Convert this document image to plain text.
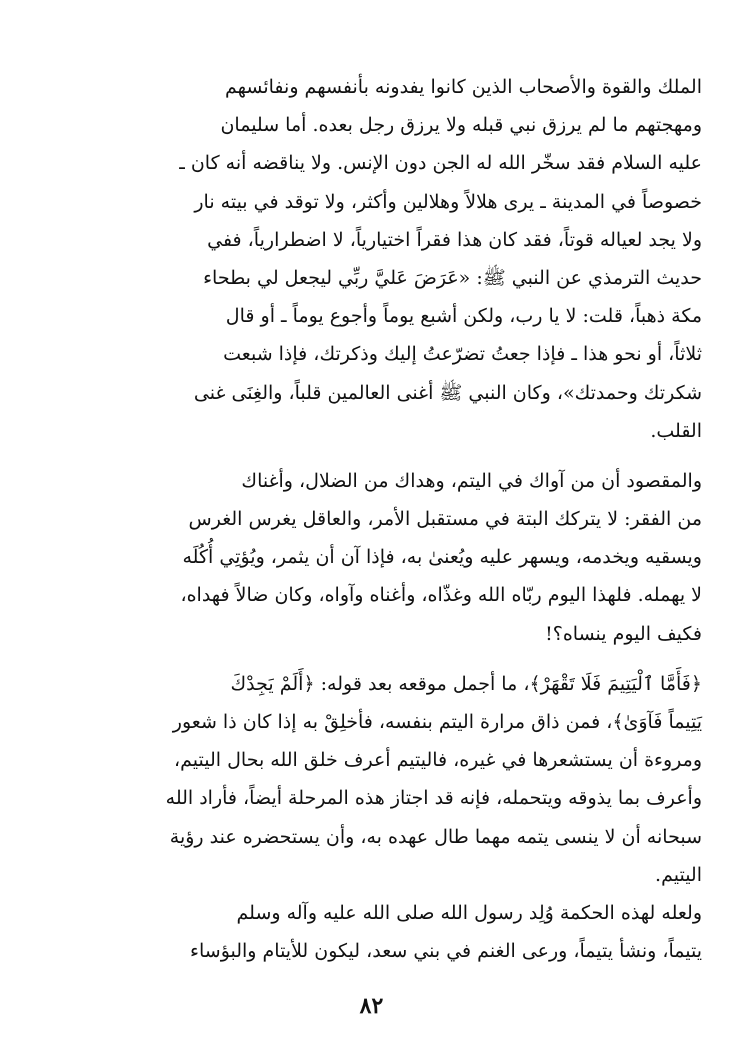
الملك والقوة والأصحاب الذين كانوا يفدونه بأنفسهم ونفائسهم
ومهجتهم ما لم يرزق نبي قبله ولا يرزق رجل بعده. أما سليمان
عليه السلام فقد سخّر الله له الجن دون الإنس. ولا يناقضه أنه كان ـ
خصوصاً في المدينة ـ يرى هلالاً وهلالين وأكثر، ولا توقد في بيته نار
ولا يجد لعياله قوتاً، فقد كان هذا فقراً اختيارياً، لا اضطرارياً، ففي
حديث الترمذي عن النبي ﷺ: «عَرَضَ عَليَّ ربِّي ليجعل لي بطحاء
مكة ذهباً، قلت: لا يا رب، ولكن أشبع يوماً وأجوع يوماً ـ أو قال
ثلاثاً، أو نحو هذا ـ فإذا جعتُ تضرّعتُ إليك وذكرتك، فإذا شبعت
شكرتك وحمدتك»، وكان النبي ﷺ أغنى العالمين قلباً، والغِنَى غنى
القلب.
والمقصود أن من آواك في اليتم، وهداك من الضلال، وأغناك
من الفقر: لا يتركك البتة في مستقبل الأمر، والعاقل يغرس الغرس
ويسقيه ويخدمه، ويسهر عليه ويُعنىٰ به، فإذا آن أن يثمر، ويُؤتِي أُكُلَه
لا يهمله. فلهذا اليوم ربّاه الله وغذّاه، وأغناه وآواه، وكان ضالاً فهداه،
فكيف اليوم ينساه؟!
﴿فَأَمَّا ٱلْيَتِيمَ فَلَا تَقْهَرْ﴾، ما أجمل موقعه بعد قوله: ﴿أَلَمْ يَجِدْكَ
يَتِيماً فَآوَىٰ﴾، فمن ذاق مرارة اليتم بنفسه، فأخلِقْ به إذا كان ذا شعور
ومروءة أن يستشعرها في غيره، فاليتيم أعرف خلق الله بحال اليتيم،
وأعرف بما يذوقه ويتحمله، فإنه قد اجتاز هذه المرحلة أيضاً، فأراد الله
سبحانه أن لا ينسى يتمه مهما طال عهده به، وأن يستحضره عند رؤية
اليتيم.
ولعله لهذه الحكمة وُلِد رسول الله صلى الله عليه وآله وسلم
يتيماً، ونشأ يتيماً، ورعى الغنم في بني سعد، ليكون للأيتام والبؤساء
٨٢
